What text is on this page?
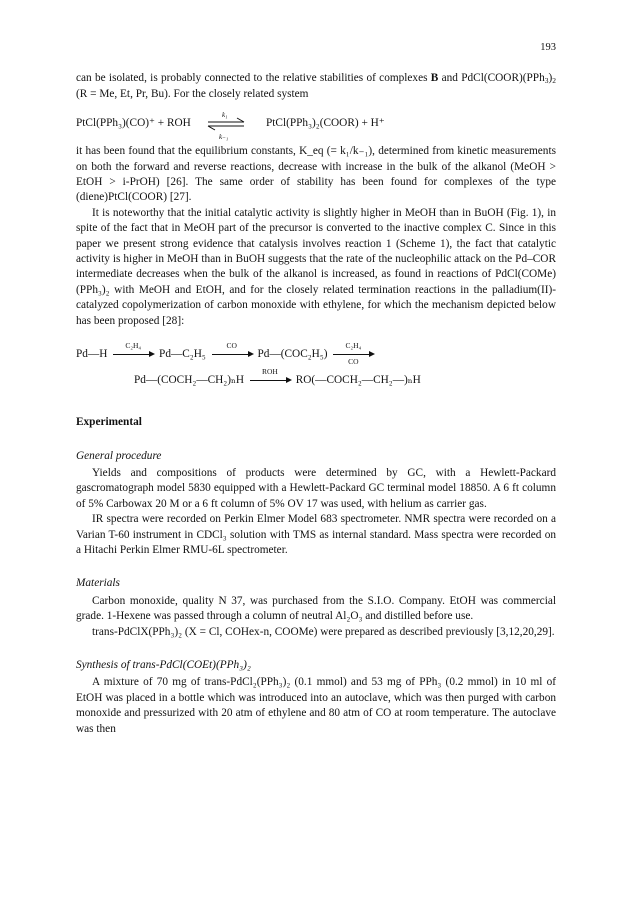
193

can be isolated, is probably connected to the relative stabilities of complexes B and $PdCl(COOR)(PPh_3)_2$ (R = Me, Et, Pr, Bu). For the closely related system

PtCl(PPh₃)(CO)⁺ + ROH
k₁
k₋₁
PtCl(PPh₃)₂(COOR) + H⁺

it has been found that the equilibrium constants, K_eq (= k₁/k₋₁), determined from kinetic measurements on both the forward and reverse reactions, decrease with increase in the bulk of the alkanol (MeOH > EtOH > i-PrOH) [26]. The same order of stability has been found for complexes of the type (diene)PtCl(COOR) [27].

It is noteworthy that the initial catalytic activity is slightly higher in MeOH than in BuOH (Fig. 1), in spite of the fact that in MeOH part of the precursor is converted to the inactive complex C. Since in this paper we present strong evidence that catalysis involves reaction 1 (Scheme 1), the fact that catalytic activity is higher in MeOH than in BuOH suggests that the rate of the nucleophilic attack on the Pd–COR intermediate decreases when the bulk of the alkanol is increased, as found in reactions of PdCl(COMe)(PPh₃)₂ with MeOH and EtOH, and for the closely related termination reactions in the palladium(II)-catalyzed copolymerization of carbon monoxide with ethylene, for which the mechanism depicted below has been proposed [28]:

Pd—H
C₂H₄
Pd—C₂H₅
CO
Pd—(COC₂H₅) $\frac{\text{C₂H₄}}{CO}$
Pd—(COCH₂—CH₂)ₙH
ROH
RO(—COCH₂—CH₂—)ₙH
Experimental
General procedure

Yields and compositions of products were determined by GC, with a Hewlett-Packard gascromatograph model 5830 equipped with a Hewlett-Packard GC terminal model 18850. A 6 ft column of 5% Carbowax 20 M or a 6 ft column of 5% OV 17 was used, with helium as carrier gas.

IR spectra were recorded on Perkin Elmer Model 683 spectrometer. NMR spectra were recorded on a Varian T-60 instrument in CDCl₃ solution with TMS as internal standard. Mass spectra were recorded on a Hitachi Perkin Elmer RMU-6L spectrometer.

Materials

Carbon monoxide, quality N 37, was purchased from the S.I.O. Company. EtOH was commercial grade. 1-Hexene was passed through a column of neutral Al₂O₃ and distilled before use.

trans-PdClX(PPh₃)₂ (X = Cl, COHex-n, COOMe) were prepared as described previously [3,12,20,29].

Synthesis of trans-PdCl(COEt)(PPh₃)₂

A mixture of 70 mg of trans-PdCl₂(PPh₃)₂ (0.1 mmol) and 53 mg of PPh₃ (0.2 mmol) in 10 ml of EtOH was placed in a bottle which was introduced into an autoclave, which was then purged with carbon monoxide and pressurized with 20 atm of ethylene and 80 atm of CO at room temperature. The autoclave was then
